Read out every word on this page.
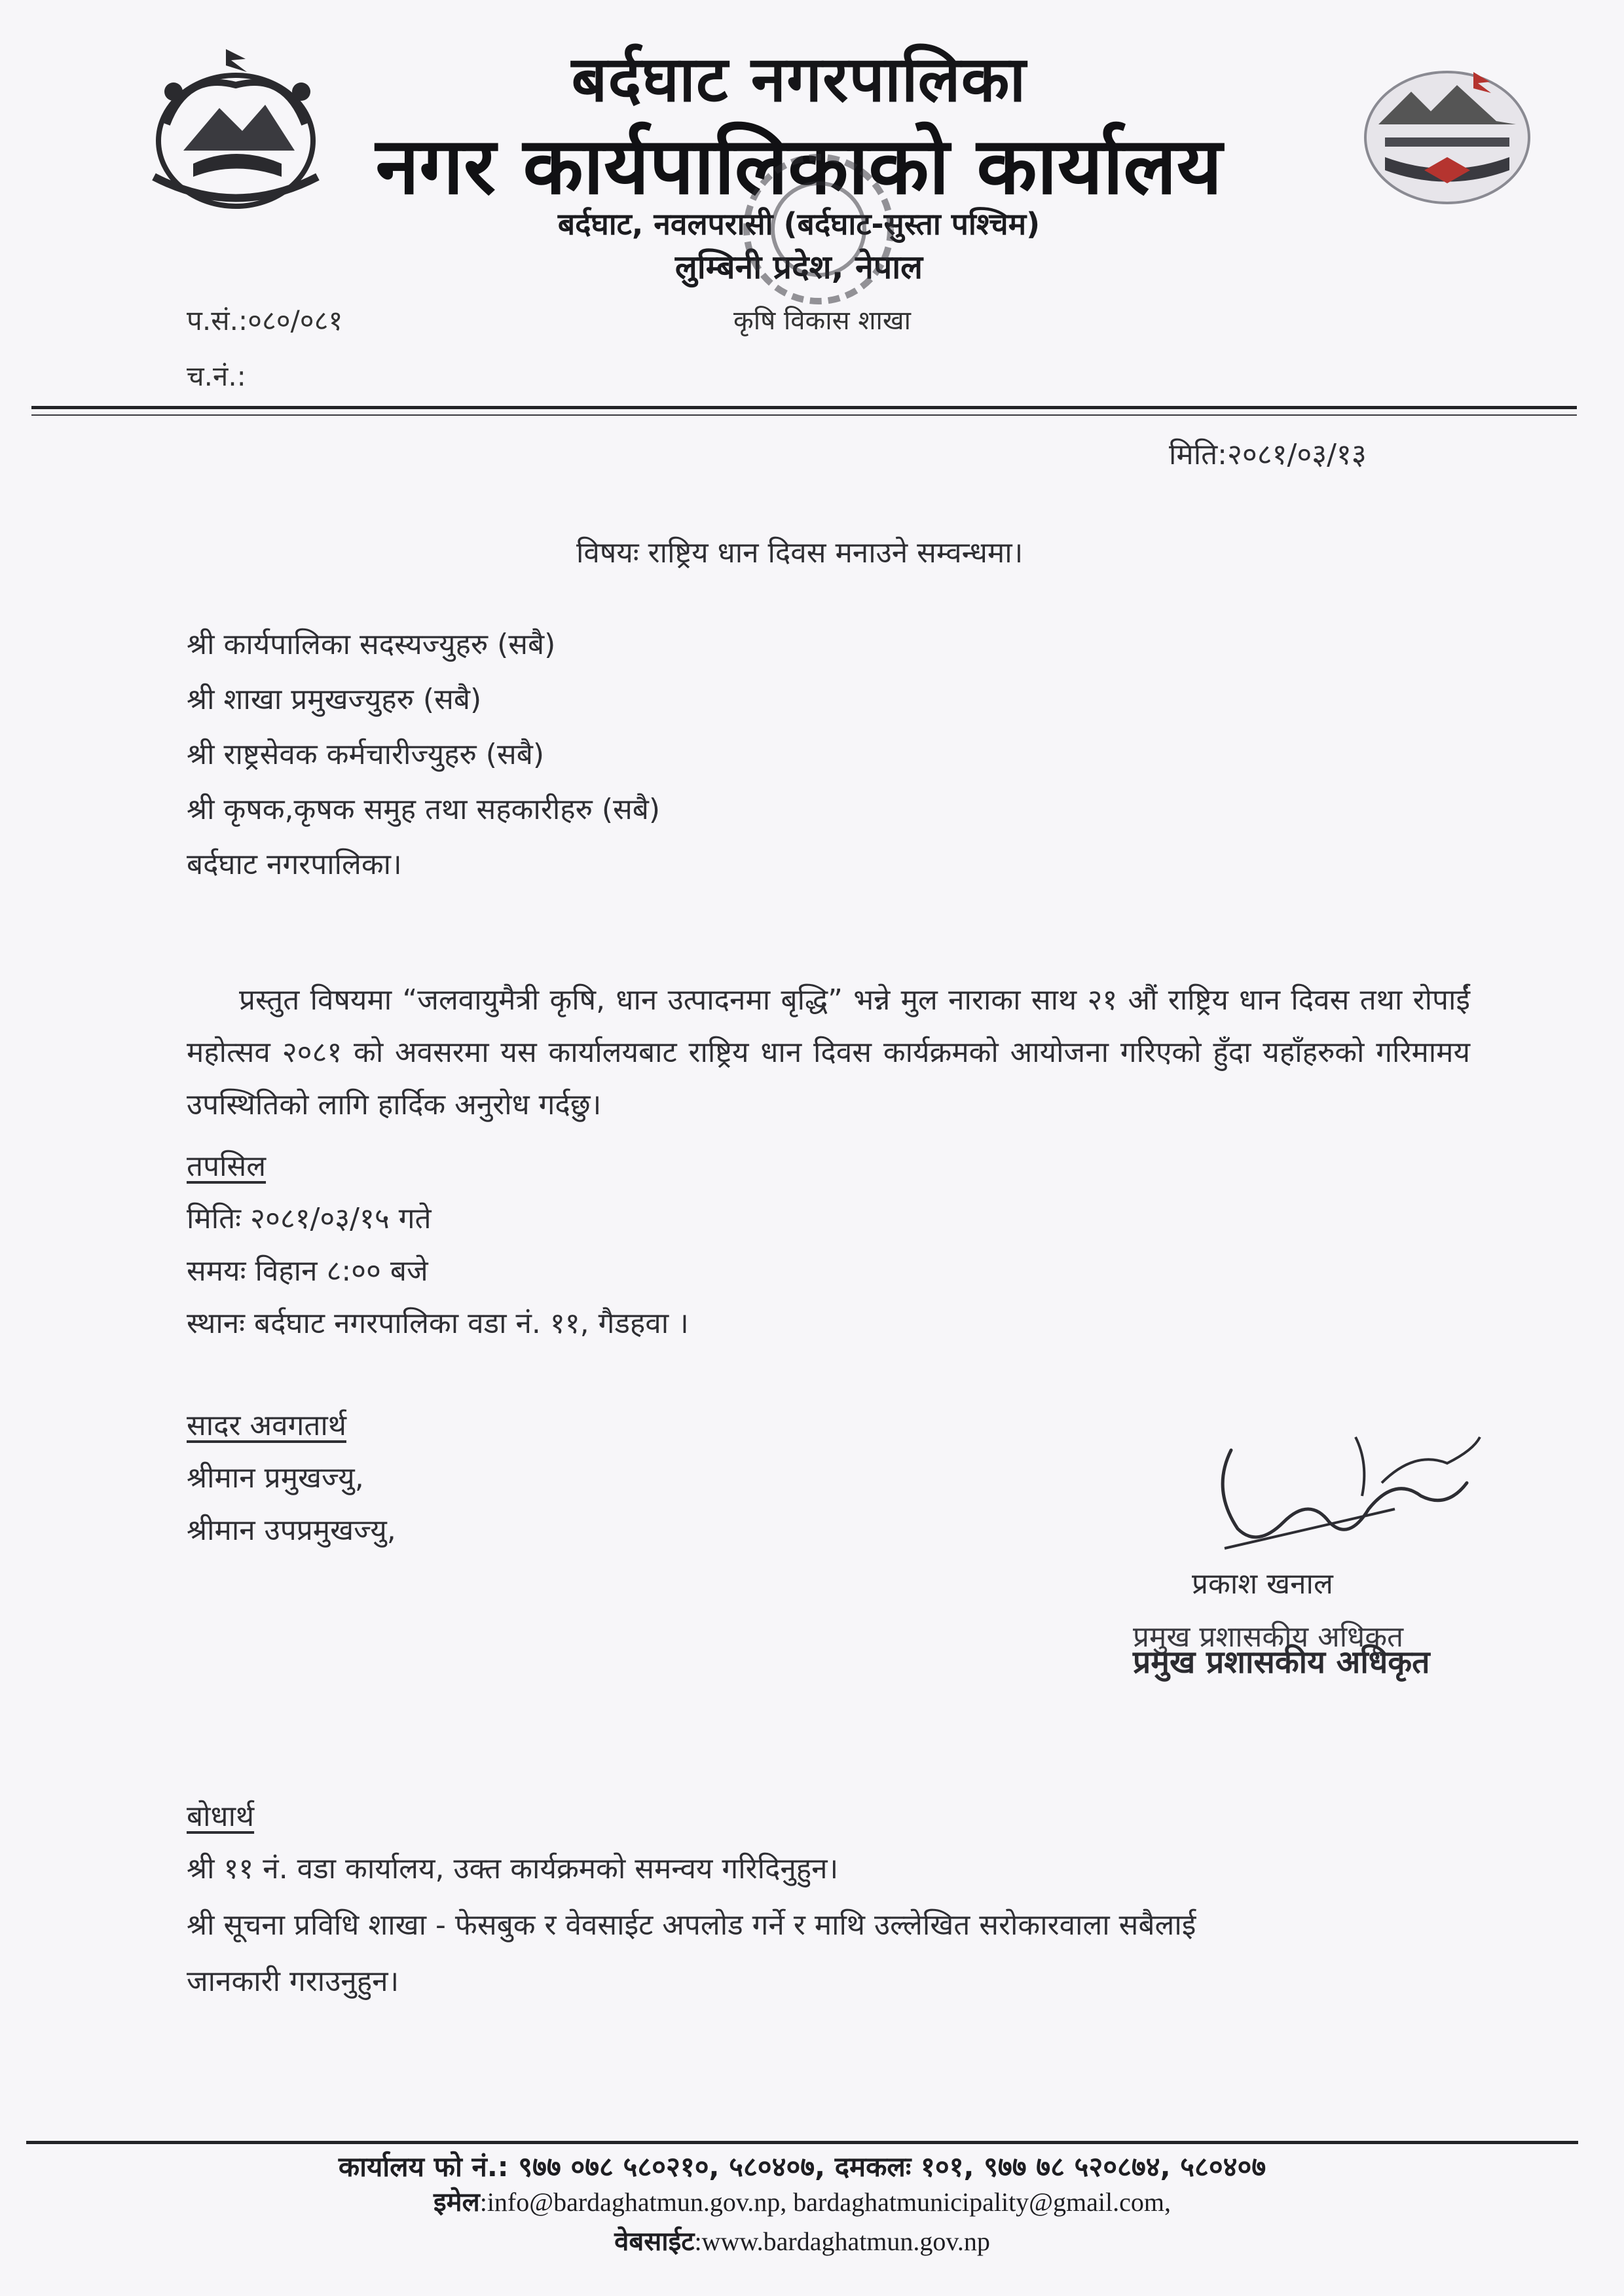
बर्दघाट नगरपालिका
नगर कार्यपालिकाको कार्यालय
बर्दघाट, नवलपरासी (बर्दघाट-सुस्ता पश्चिम)
लुम्बिनी प्रदेश, नेपाल
प.सं.:०८०/०८१
च.नं.:
कृषि विकास शाखा
मिति:२०८१/०३/१३
विषयः राष्ट्रिय धान दिवस मनाउने सम्वन्धमा।
श्री कार्यपालिका सदस्यज्युहरु (सबै)
श्री शाखा प्रमुखज्युहरु (सबै)
श्री राष्ट्रसेवक कर्मचारीज्युहरु (सबै)
श्री कृषक,कृषक समुह तथा सहकारीहरु (सबै)
बर्दघाट नगरपालिका।

प्रस्तुत विषयमा “जलवायुमैत्री कृषि, धान उत्पादनमा बृद्धि” भन्ने मुल नाराका साथ २१ औं राष्ट्रिय धान दिवस तथा रोपाईं महोत्सव २०८१ को अवसरमा यस कार्यालयबाट राष्ट्रिय धान दिवस कार्यक्रमको आयोजना गरिएको हुँदा यहाँहरुको गरिमामय उपस्थितिको लागि हार्दिक अनुरोध गर्दछु।

तपसिल
मितिः २०८१/०३/१५ गते
समयः विहान ८:०० बजे
स्थानः बर्दघाट नगरपालिका वडा नं. ११, गैडहवा ।
सादर अवगतार्थ
श्रीमान प्रमुखज्यु,
श्रीमान उपप्रमुखज्यु,
प्रकाश खनाल
प्रमुख प्रशासकीय अधिकृत
प्रमुख प्रशासकीय अधिकृत
बोधार्थ
श्री ११ नं. वडा कार्यालय, उक्त कार्यक्रमको समन्वय गरिदिनुहुन।
श्री सूचना प्रविधि शाखा - फेसबुक र वेवसाईट अपलोड गर्ने र माथि उल्लेखित सरोकारवाला सबैलाई
जानकारी गराउनुहुन।
कार्यालय फो नं.: ९७७ ०७८ ५८०२१०, ५८०४०७, दमकलः १०१, ९७७ ७८ ५२०८७४, ५८०४०७
इमेल:info@bardaghatmun.gov.np, bardaghatmunicipality@gmail.com,
वेबसाईट:www.bardaghatmun.gov.np
